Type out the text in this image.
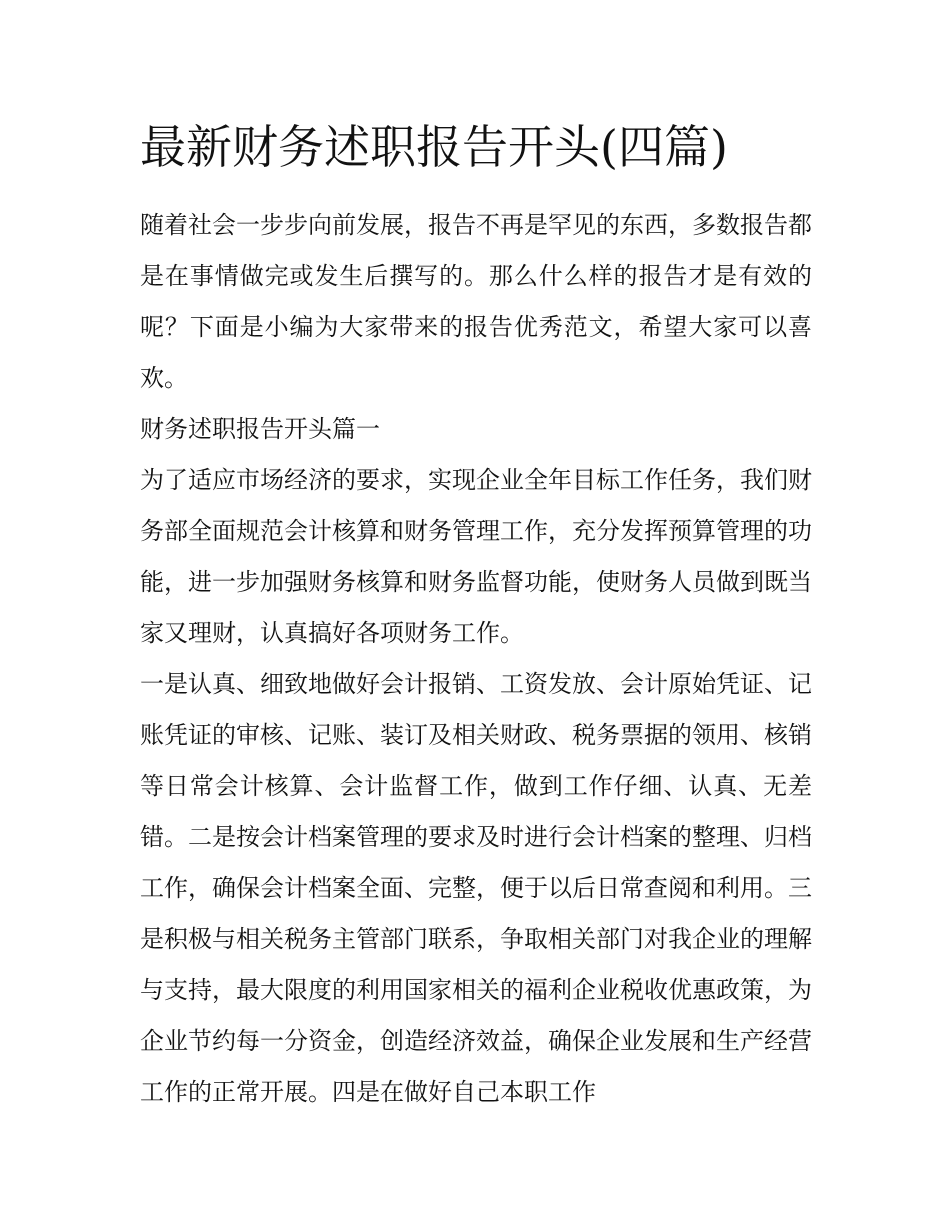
最新财务述职报告开头(四篇)

随着社会一步步向前发展，报告不再是罕见的东西，多数报告都是在事情做完或发生后撰写的。那么什么样的报告才是有效的呢？下面是小编为大家带来的报告优秀范文，希望大家可以喜欢。

财务述职报告开头篇一

为了适应市场经济的要求，实现企业全年目标工作任务，我们财务部全面规范会计核算和财务管理工作，充分发挥预算管理的功能，进一步加强财务核算和财务监督功能，使财务人员做到既当家又理财，认真搞好各项财务工作。

一是认真、细致地做好会计报销、工资发放、会计原始凭证、记账凭证的审核、记账、装订及相关财政、税务票据的领用、核销等日常会计核算、会计监督工作，做到工作仔细、认真、无差错。二是按会计档案管理的要求及时进行会计档案的整理、归档工作，确保会计档案全面、完整，便于以后日常查阅和利用。三是积极与相关税务主管部门联系，争取相关部门对我企业的理解与支持，最大限度的利用国家相关的福利企业税收优惠政策，为企业节约每一分资金，创造经济效益，确保企业发展和生产经营工作的正常开展。四是在做好自己本职工作
